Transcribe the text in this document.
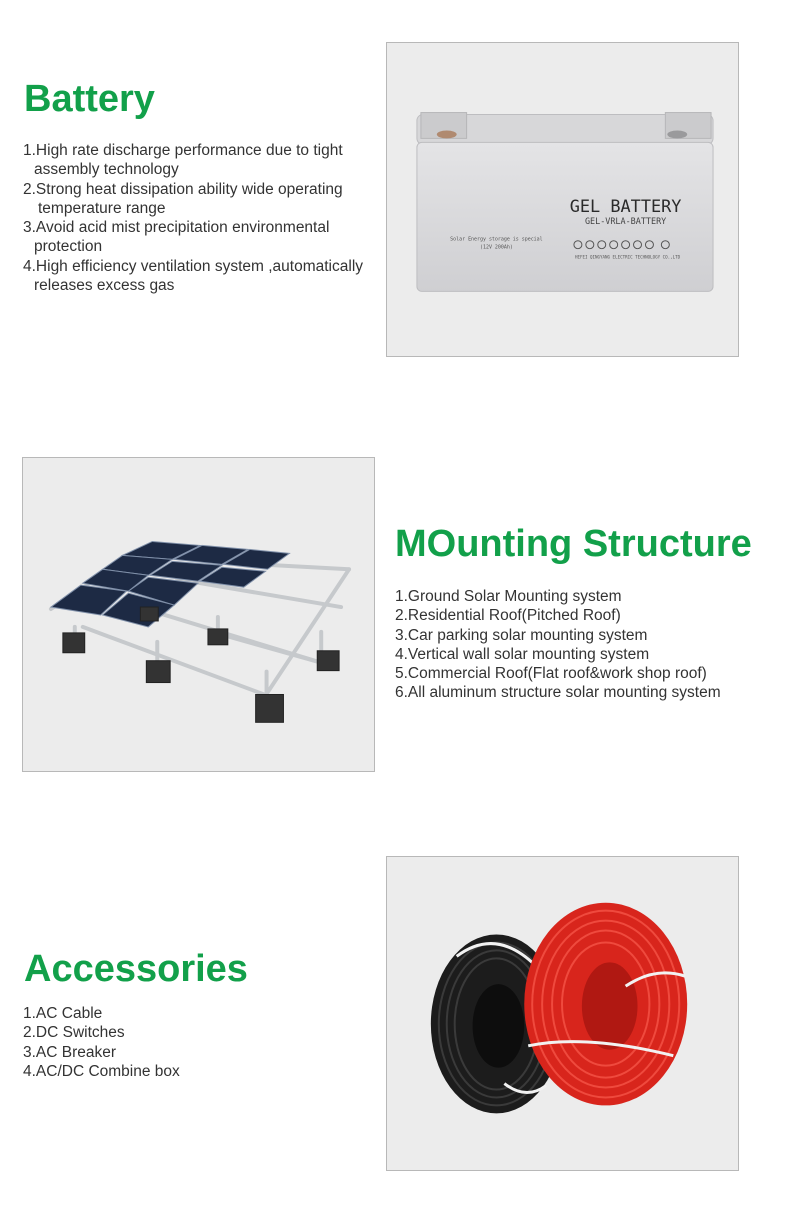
Battery
1.High rate discharge performance due to tight
assembly technology
2.Strong heat dissipation ability wide operating
temperature range
3.Avoid acid mist precipitation environmental
protection
4.High efficiency ventilation system ,automatically
releases excess gas
GEL BATTERY
GEL-VRLA-BATTERY
Solar Energy storage is special
(12V 200Ah)
HEFEI QINGYANG ELECTRIC TECHNOLOGY CO.,LTD
MOunting Structure
1.Ground Solar Mounting system
2.Residential Roof(Pitched Roof)
3.Car parking solar mounting system
4.Vertical wall solar mounting system
5.Commercial Roof(Flat roof&work shop roof)
6.All aluminum structure solar mounting system
Accessories
1.AC Cable
2.DC Switches
3.AC Breaker
4.AC/DC Combine box
